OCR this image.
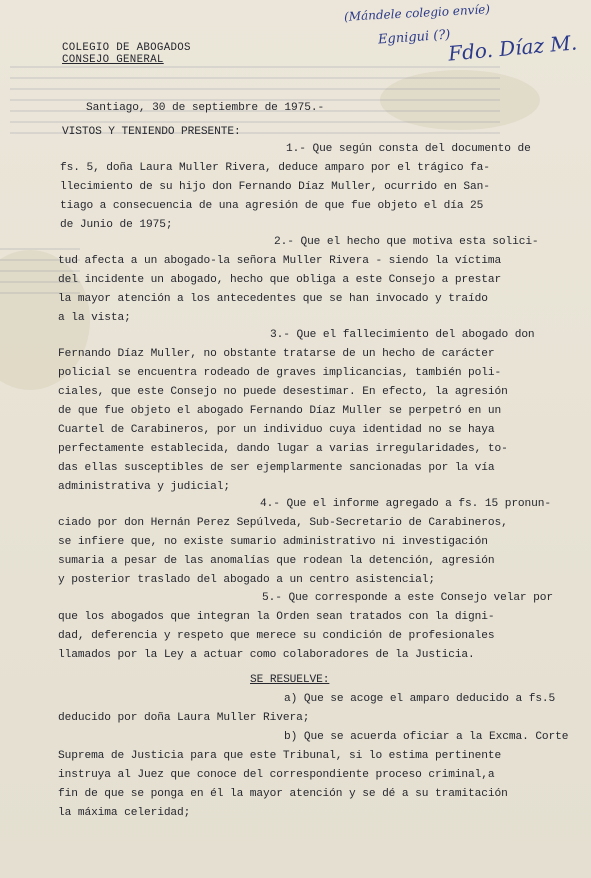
(Mándele colegio envíe)
Egnigui (?)
Fdo. Díaz M.
COLEGIO DE ABOGADOS
CONSEJO GENERAL
Santiago, 30 de septiembre de 1975.-
VISTOS Y TENIENDO PRESENTE:
1.- Que según consta del documento de
fs. 5, doña Laura Muller Rivera, deduce amparo por el trágico fa-
llecimiento de su hijo don Fernando Díaz Muller, ocurrido en San-
tiago a consecuencia de una agresión de que fue objeto el día 25
de Junio de 1975;
2.- Que el hecho que motiva esta solici-
tud afecta a un abogado-la señora Muller Rivera - siendo la víctima
del incidente un abogado, hecho que obliga a este Consejo a prestar
la mayor atención a los antecedentes que se han invocado y traído
a la vista;
3.- Que el fallecimiento del abogado don
Fernando Díaz Muller, no obstante tratarse de un hecho de carácter
policial se encuentra rodeado de graves implicancias, también poli-
ciales, que este Consejo no puede desestimar. En efecto, la agresión
de que fue objeto el abogado Fernando Díaz Muller se perpetró en un
Cuartel de Carabineros, por un individuo cuya identidad no se haya
perfectamente establecida, dando lugar a varias irregularidades, to-
das ellas susceptibles de ser ejemplarmente sancionadas por la vía
administrativa y judicial;
4.- Que el informe agregado a fs. 15 pronun-
ciado por don Hernán Perez Sepúlveda, Sub-Secretario de Carabineros,
se infiere que, no existe sumario administrativo ni investigación
sumaria a pesar de las anomalías que rodean la detención, agresión
y posterior traslado del abogado a un centro asistencial;
5.- Que corresponde a este Consejo velar por
que los abogados que integran la Orden sean tratados con la digni-
dad, deferencia y respeto que merece su condición de profesionales
llamados por la Ley a actuar como colaboradores de la Justicia.
SE RESUELVE:
a) Que se acoge el amparo deducido a fs.5
deducido por doña Laura Muller Rivera;
b) Que se acuerda oficiar a la Excma. Corte
Suprema de Justicia para que este Tribunal, si lo estima pertinente
instruya al Juez que conoce del correspondiente proceso criminal,a
fin de que se ponga en él la mayor atención y se dé a su tramitación
la máxima celeridad;
